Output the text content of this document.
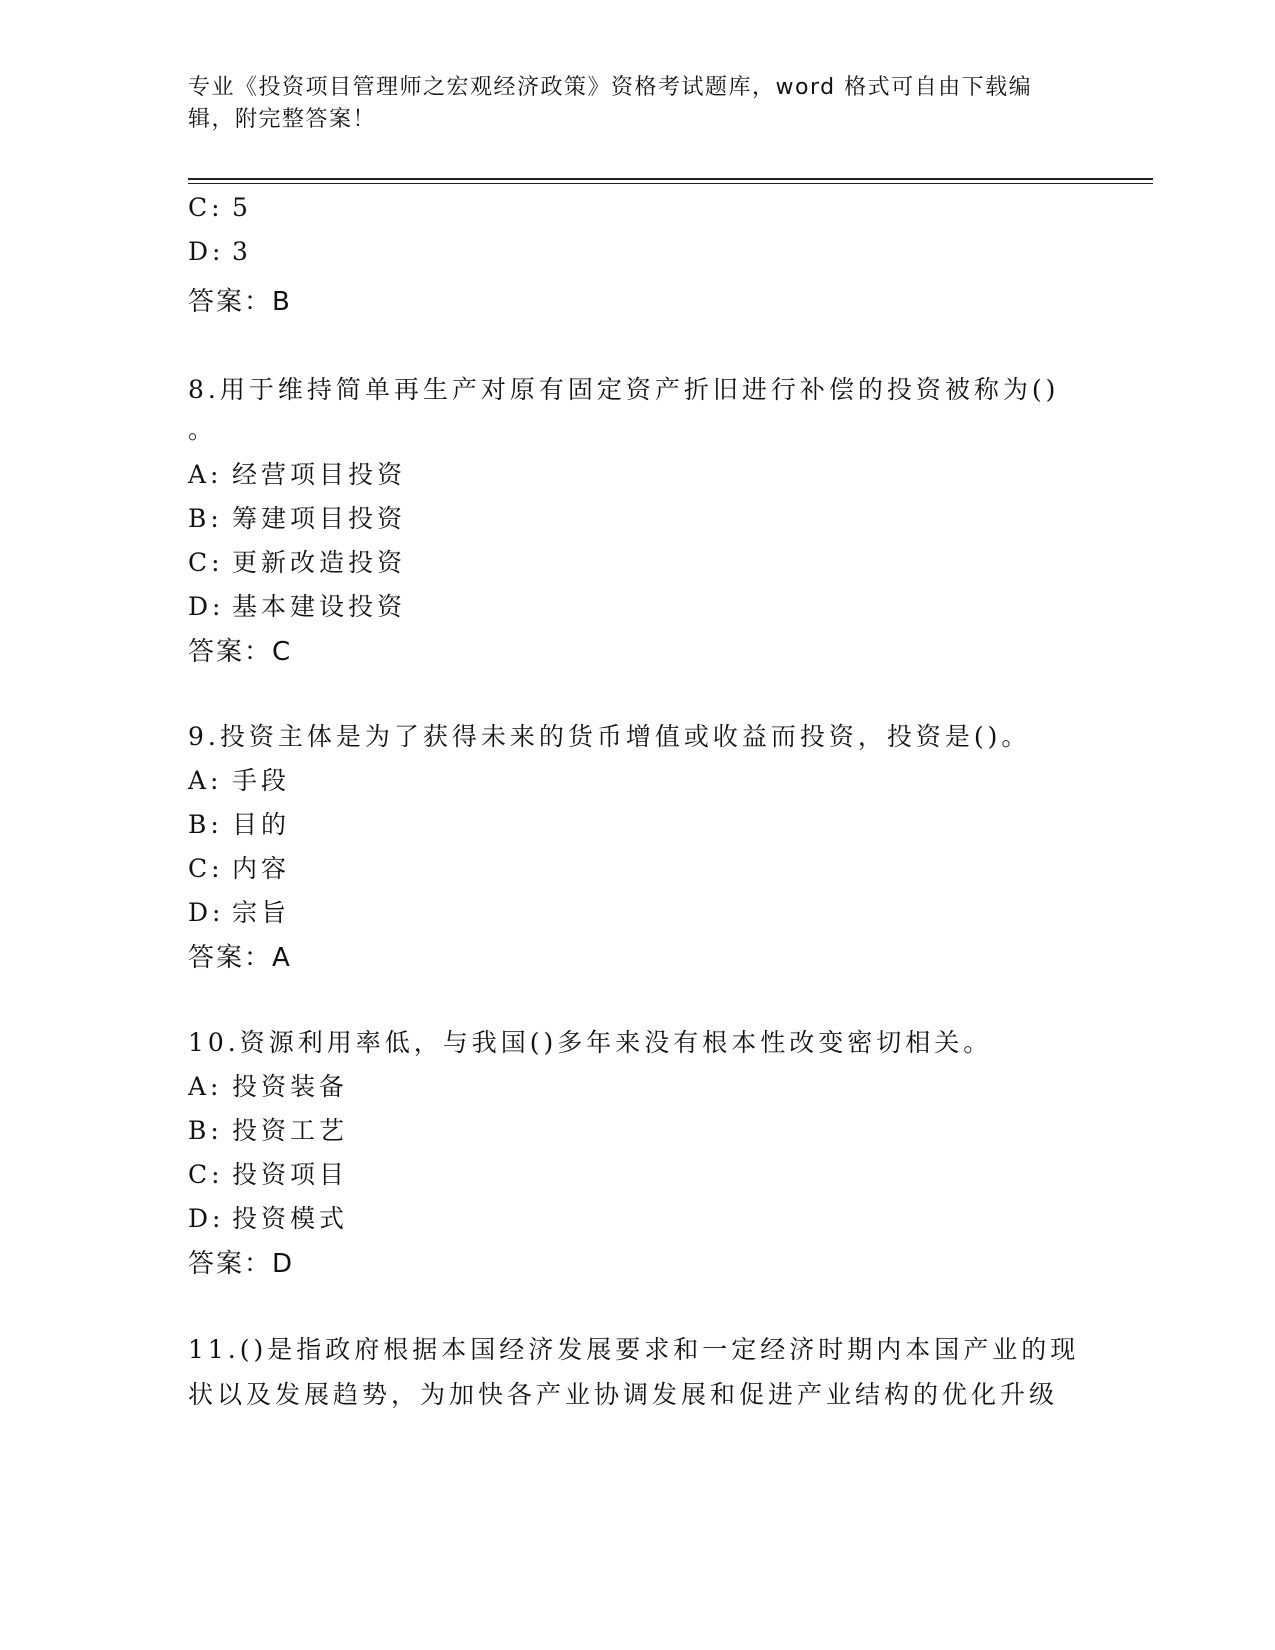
专业《投资项目管理师之宏观经济政策》资格考试题库，word 格式可自由下载编辑，附完整答案！
C: 5
D: 3
答案：B
8.用于维持简单再生产对原有固定资产折旧进行补偿的投资被称为()
。
A: 经营项目投资
B: 筹建项目投资
C: 更新改造投资
D: 基本建设投资
答案：C
9.投资主体是为了获得未来的货币增值或收益而投资，投资是()。
A: 手段
B: 目的
C: 内容
D: 宗旨
答案：A
10.资源利用率低，与我国()多年来没有根本性改变密切相关。
A: 投资装备
B: 投资工艺
C: 投资项目
D: 投资模式
答案：D
11.()是指政府根据本国经济发展要求和一定经济时期内本国产业的现
状以及发展趋势，为加快各产业协调发展和促进产业结构的优化升级
